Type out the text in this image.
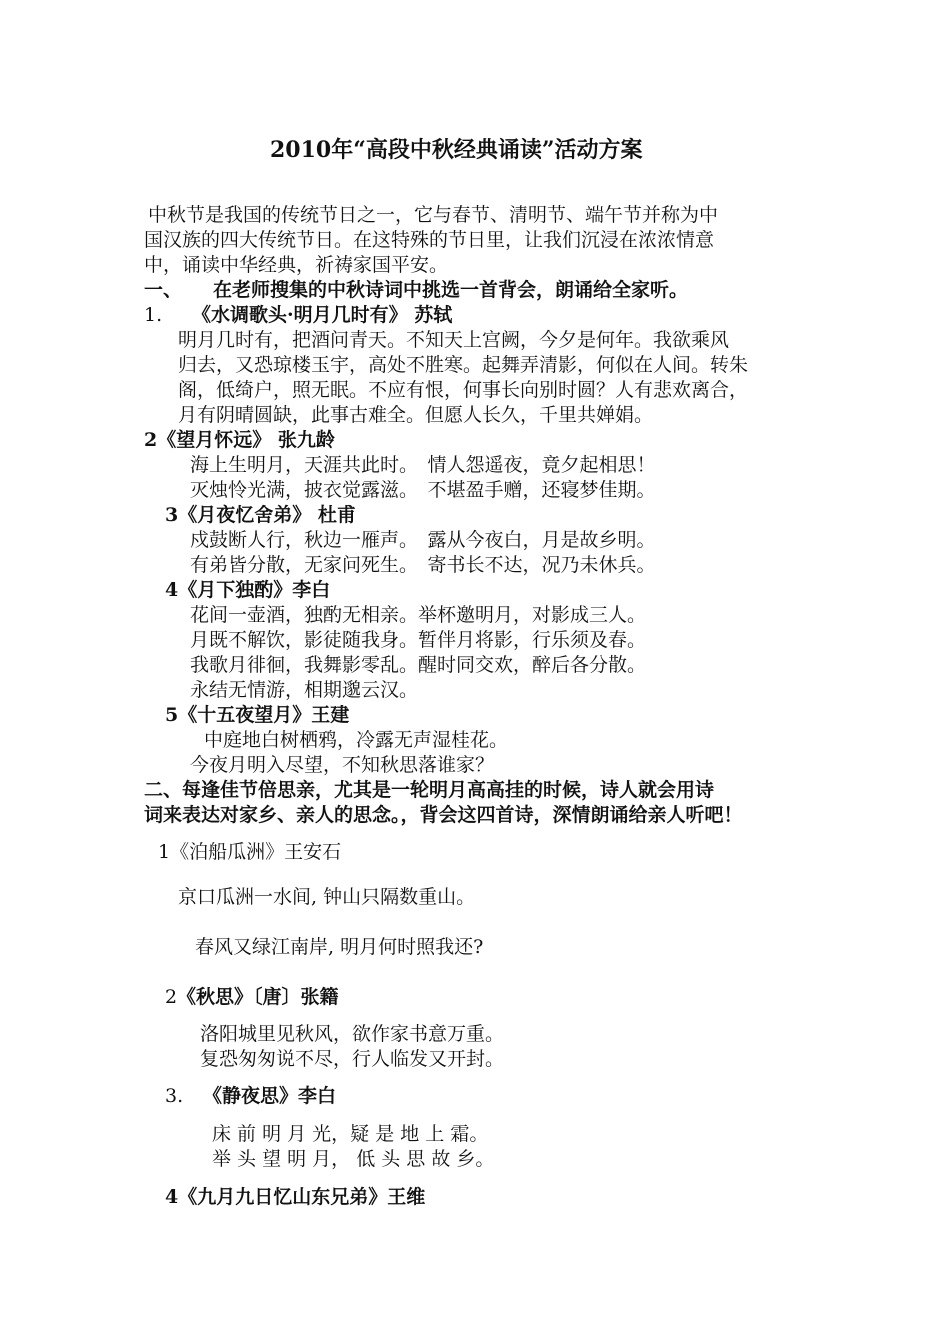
2010年“高段中秋经典诵读”活动方案
中秋节是我国的传统节日之一，它与春节、清明节、端午节并称为中
国汉族的四大传统节日。在这特殊的节日里，让我们沉浸在浓浓情意
中，诵读中华经典，祈祷家国平安。
一、 在老师搜集的中秋诗词中挑选一首背会，朗诵给全家听。
1. 《水调歌头·明月几时有》 苏轼
明月几时有，把酒问青天。不知天上宫阙，今夕是何年。我欲乘风
归去，又恐琼楼玉宇，高处不胜寒。起舞弄清影，何似在人间。转朱
阁，低绮户，照无眠。不应有恨，何事长向别时圆？人有悲欢离合，
月有阴晴圆缺，此事古难全。但愿人长久，千里共婵娟。
2《望月怀远》 张九龄
海上生明月，天涯共此时。　情人怨遥夜，竟夕起相思！
灭烛怜光满，披衣觉露滋。　不堪盈手赠，还寝梦佳期。
3《月夜忆舍弟》 杜甫
戍鼓断人行，秋边一雁声。　露从今夜白，月是故乡明。
有弟皆分散，无家问死生。　寄书长不达，况乃未休兵。
4《月下独酌》李白
花间一壶酒，独酌无相亲。举杯邀明月，对影成三人。
月既不解饮，影徒随我身。暂伴月将影，行乐须及春。
我歌月徘徊，我舞影零乱。醒时同交欢，醉后各分散。
永结无情游，相期邈云汉。
5《十五夜望月》王建
中庭地白树栖鸦，冷露无声湿桂花。
今夜月明入尽望，不知秋思落谁家？
二、每逢佳节倍思亲，尤其是一轮明月高高挂的时候，诗人就会用诗
词来表达对家乡、亲人的思念。，背会这四首诗，深情朗诵给亲人听吧！
1《泊船瓜洲》王安石
京口瓜洲一水间, 钟山只隔数重山。
春风又绿江南岸, 明月何时照我还?
2 《秋思》〔唐〕张籍
洛阳城里见秋风，欲作家书意万重。
复恐匆匆说不尽，行人临发又开封。
3. 《静夜思》李白
床 前 明 月 光，疑 是 地 上 霜。
举 头 望 明 月， 低 头 思 故 乡。
4《九月九日忆山东兄弟》王维
